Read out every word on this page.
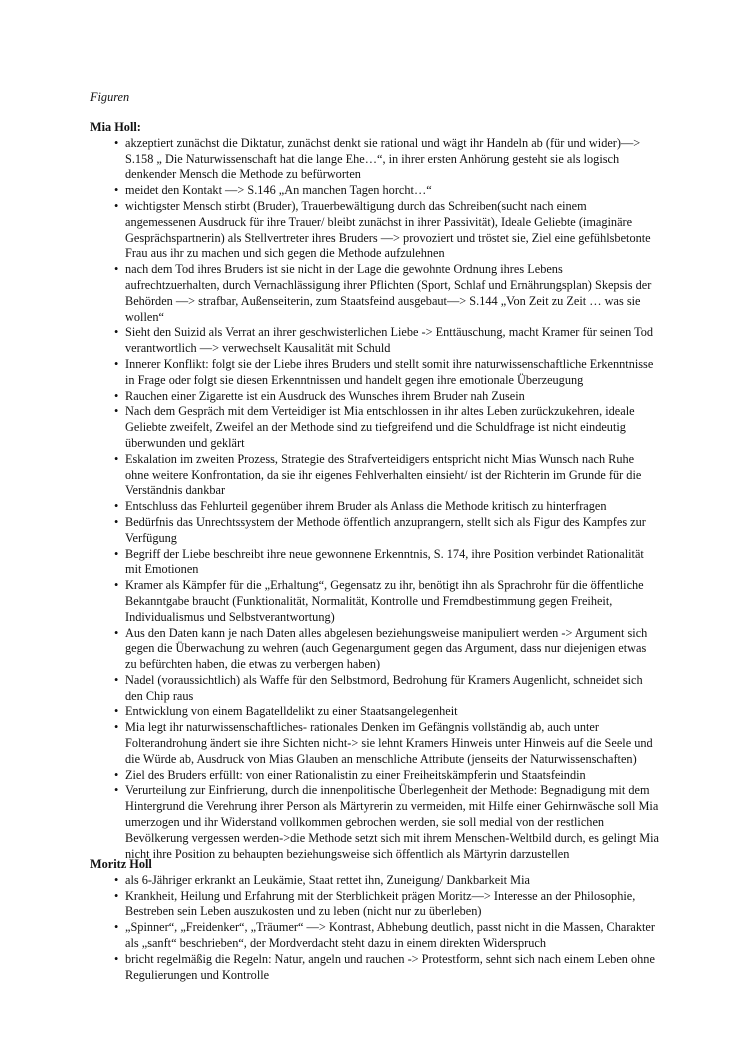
Figuren

Mia Holl:

• akzeptiert zunächst die Diktatur, zunächst denkt sie rational und wägt ihr Handeln ab (für und wider)—> S.158 „ Die Naturwissenschaft hat die lange Ehe…“, in ihrer ersten Anhörung gesteht sie als logisch denkender Mensch die Methode zu befürworten
• meidet den Kontakt —> S.146 „An manchen Tagen horcht…“
• wichtigster Mensch stirbt (Bruder), Trauerbewältigung durch das Schreiben(sucht nach einem angemessenen Ausdruck für ihre Trauer/ bleibt zunächst in ihrer Passivität), Ideale Geliebte (imaginäre Gesprächspartnerin) als Stellvertreter ihres Bruders —> provoziert und tröstet sie, Ziel eine gefühlsbetonte Frau aus ihr zu machen und sich gegen die Methode aufzulehnen
• nach dem Tod ihres Bruders ist sie nicht in der Lage die gewohnte Ordnung ihres Lebens aufrechtzuerhalten, durch Vernachlässigung ihrer Pflichten (Sport, Schlaf und Ernährungsplan) Skepsis der Behörden —> strafbar, Außenseiterin, zum Staatsfeind ausgebaut—> S.144 „Von Zeit zu Zeit … was sie wollen“
• Sieht den Suizid als Verrat an ihrer geschwisterlichen Liebe -> Enttäuschung, macht Kramer für seinen Tod verantwortlich —> verwechselt Kausalität mit Schuld
• Innerer Konflikt: folgt sie der Liebe ihres Bruders und stellt somit ihre naturwissenschaftliche Erkenntnisse in Frage oder folgt sie diesen Erkenntnissen und handelt gegen ihre emotionale Überzeugung
• Rauchen einer Zigarette ist ein Ausdruck des Wunsches ihrem Bruder nah Zusein
• Nach dem Gespräch mit dem Verteidiger ist Mia entschlossen in ihr altes Leben zurückzukehren, ideale Geliebte zweifelt, Zweifel an der Methode sind zu tiefgreifend und die Schuldfrage ist nicht eindeutig überwunden und geklärt
• Eskalation im zweiten Prozess, Strategie des Strafverteidigers entspricht nicht Mias Wunsch nach Ruhe ohne weitere Konfrontation, da sie ihr eigenes Fehlverhalten einsieht/ ist der Richterin im Grunde für die Verständnis dankbar
• Entschluss das Fehlurteil gegenüber ihrem Bruder als Anlass die Methode kritisch zu hinterfragen
• Bedürfnis das Unrechtssystem der Methode öffentlich anzuprangern, stellt sich als Figur des Kampfes zur Verfügung
• Begriff der Liebe beschreibt ihre neue gewonnene Erkenntnis, S. 174, ihre Position verbindet Rationalität mit Emotionen
• Kramer als Kämpfer für die „Erhaltung“, Gegensatz zu ihr, benötigt ihn als Sprachrohr für die öffentliche Bekanntgabe braucht (Funktionalität, Normalität, Kontrolle und Fremdbestimmung gegen Freiheit, Individualismus und Selbstverantwortung)
• Aus den Daten kann je nach Daten alles abgelesen beziehungsweise manipuliert werden -> Argument sich gegen die Überwachung zu wehren (auch Gegenargument gegen das Argument, dass nur diejenigen etwas zu befürchten haben, die etwas zu verbergen haben)
• Nadel (voraussichtlich) als Waffe für den Selbstmord, Bedrohung für Kramers Augenlicht, schneidet sich den Chip raus
• Entwicklung von einem Bagatelldelikt zu einer Staatsangelegenheit
• Mia legt ihr naturwissenschaftliches- rationales Denken im Gefängnis vollständig ab, auch unter Folterandrohung ändert sie ihre Sichten nicht-> sie lehnt Kramers Hinweis unter Hinweis auf die Seele und die Würde ab, Ausdruck von Mias Glauben an menschliche Attribute (jenseits der Naturwissenschaften)
• Ziel des Bruders erfüllt: von einer Rationalistin zu einer Freiheitskämpferin und Staatsfeindin
• Verurteilung zur Einfrierung, durch die innenpolitische Überlegenheit der Methode: Begnadigung mit dem Hintergrund die Verehrung ihrer Person als Märtyrerin zu vermeiden, mit Hilfe einer Gehirnwäsche soll Mia umerzogen und ihr Widerstand vollkommen gebrochen werden, sie soll medial von der restlichen Bevölkerung vergessen werden->die Methode setzt sich mit ihrem Menschen-Weltbild durch, es gelingt Mia nicht ihre Position zu behaupten beziehungsweise sich öffentlich als Märtyrin darzustellen

Moritz Holl

• als 6-Jähriger erkrankt an Leukämie, Staat rettet ihn, Zuneigung/ Dankbarkeit Mia
• Krankheit, Heilung und Erfahrung mit der Sterblichkeit prägen Moritz—> Interesse an der Philosophie, Bestreben sein Leben auszukosten und zu leben (nicht nur zu überleben)
• „Spinner“, „Freidenker“, „Träumer“ —> Kontrast, Abhebung deutlich, passt nicht in die Massen, Charakter als „sanft“ beschrieben“, der Mordverdacht steht dazu in einem direkten Widerspruch
• bricht regelmäßig die Regeln: Natur, angeln und rauchen -> Protestform, sehnt sich nach einem Leben ohne Regulierungen und Kontrolle
